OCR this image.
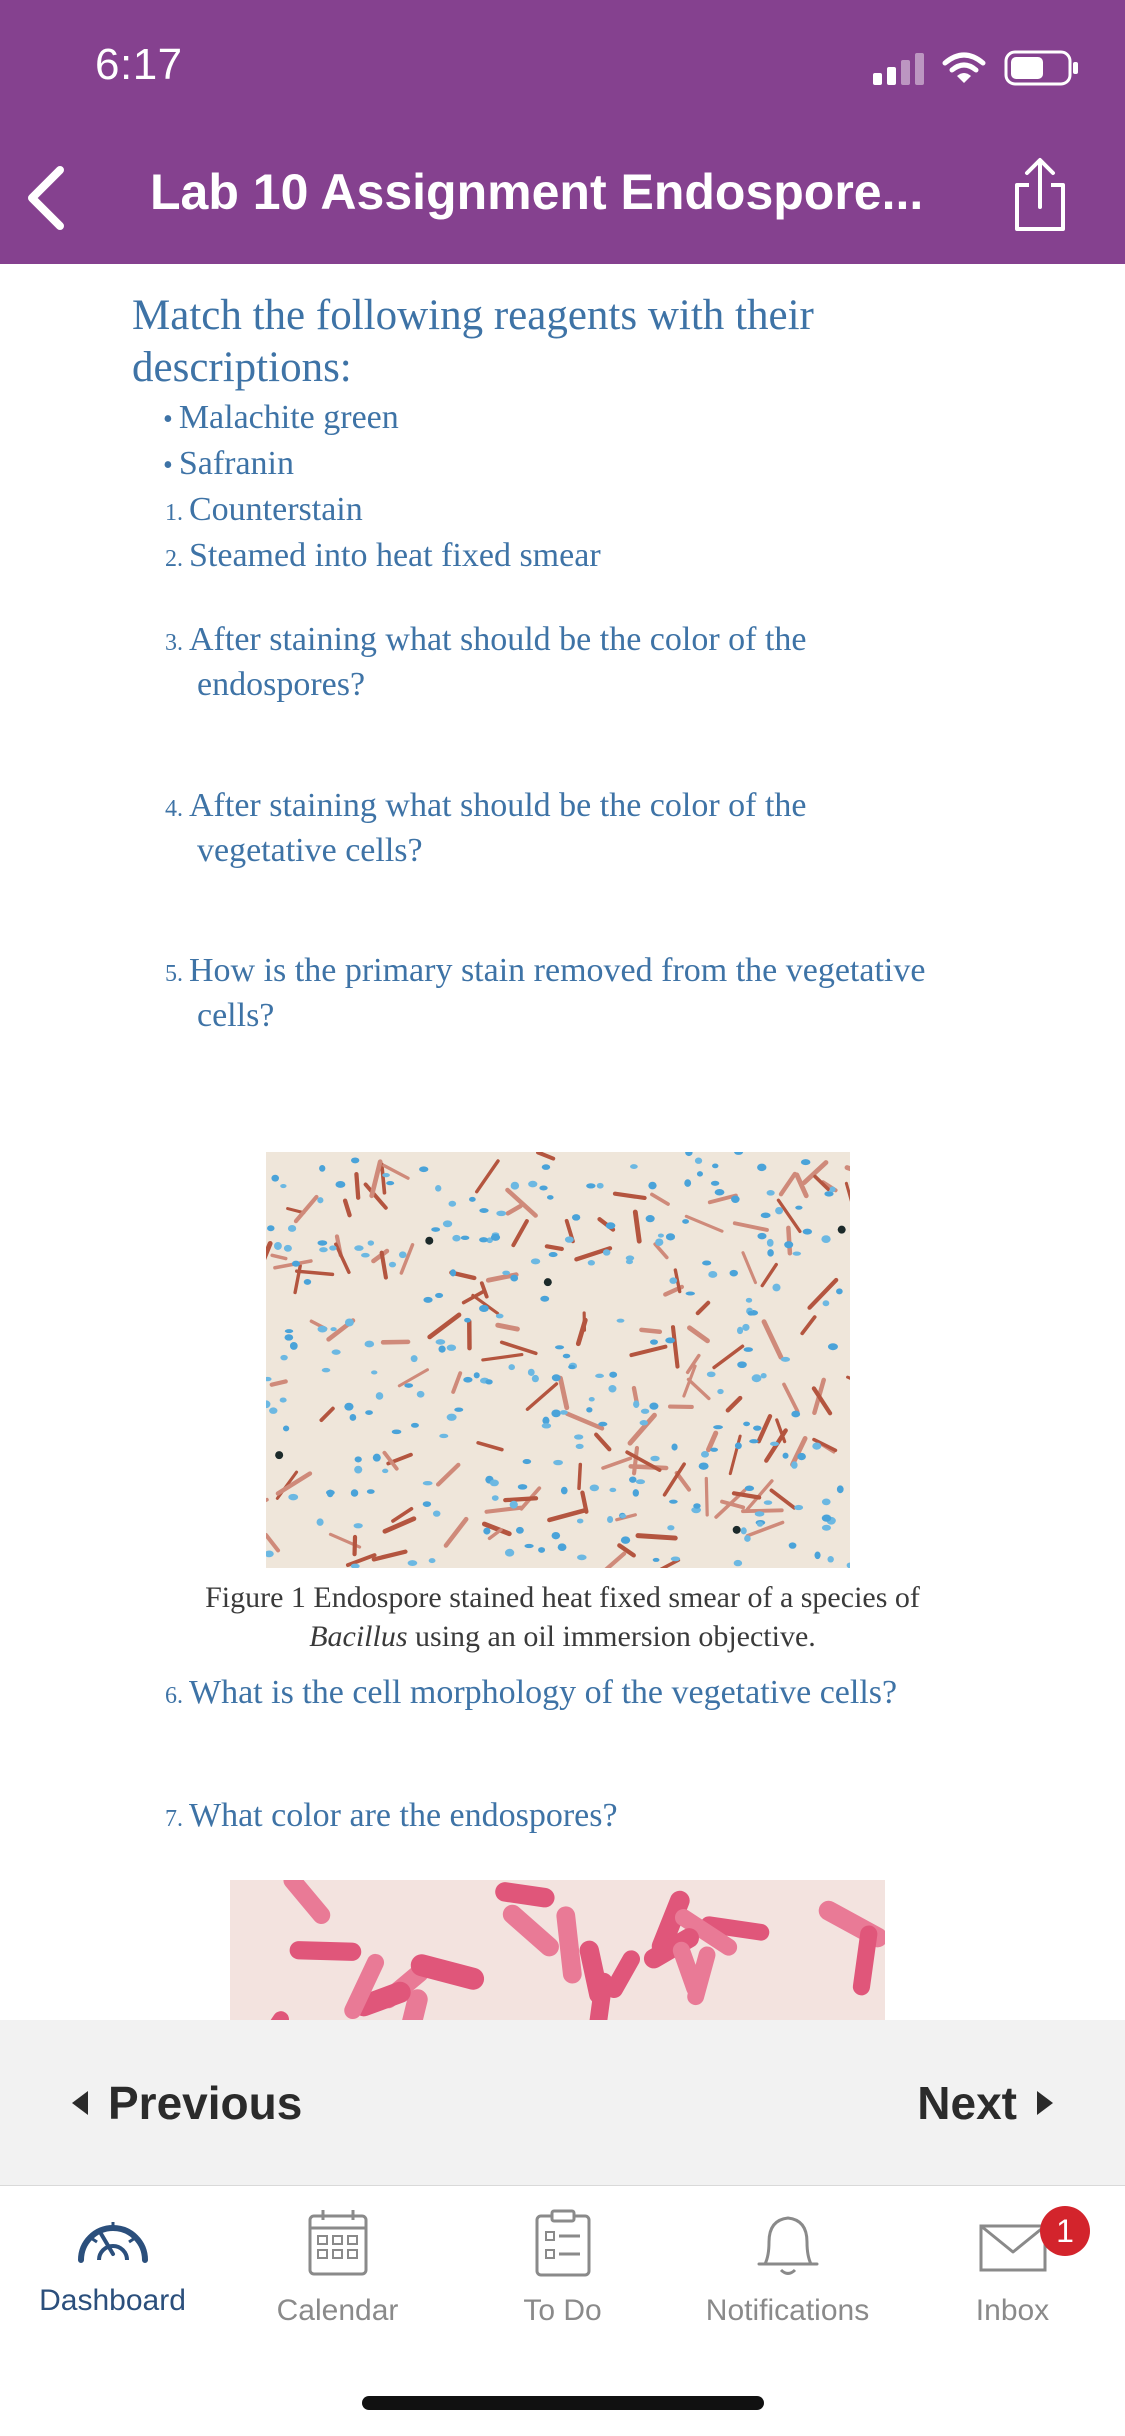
6:17
Lab 10 Assignment Endospore...
Match the following reagents with their descriptions:
• Malachite green
• Safranin
1. Counterstain
2. Steamed into heat fixed smear
3. After staining what should be the color of the
endospores?
4. After staining what should be the color of the
vegetative cells?
5. How is the primary stain removed from the vegetative
cells?
Figure 1 Endospore stained heat fixed smear of a species of
Bacillus using an oil immersion objective.
6. What is the cell morphology of the vegetative cells?
7. What color are the endospores?
Previous	Next
Dashboard	Calendar	To Do	Notifications
1
Inbox
